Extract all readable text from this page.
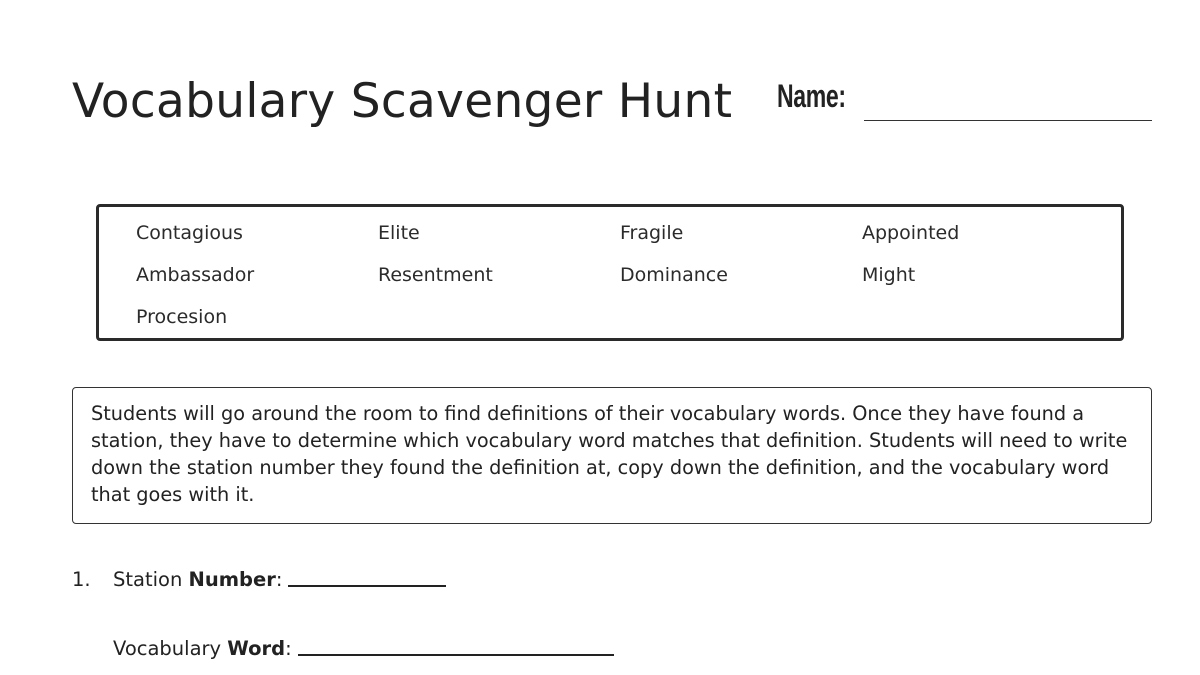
Vocabulary Scavenger Hunt Name:
Contagious	Elite	Fragile	Appointed
Ambassador	Resentment	Dominance	Might
Procesion

Students will go around the room to find definitions of their vocabulary words. Once they have found a station, they have to determine which vocabulary word matches that definition. Students will need to write down the station number they found the definition at, copy down the definition, and the vocabulary word that goes with it.

1. Station Number :
Vocabulary Word :
